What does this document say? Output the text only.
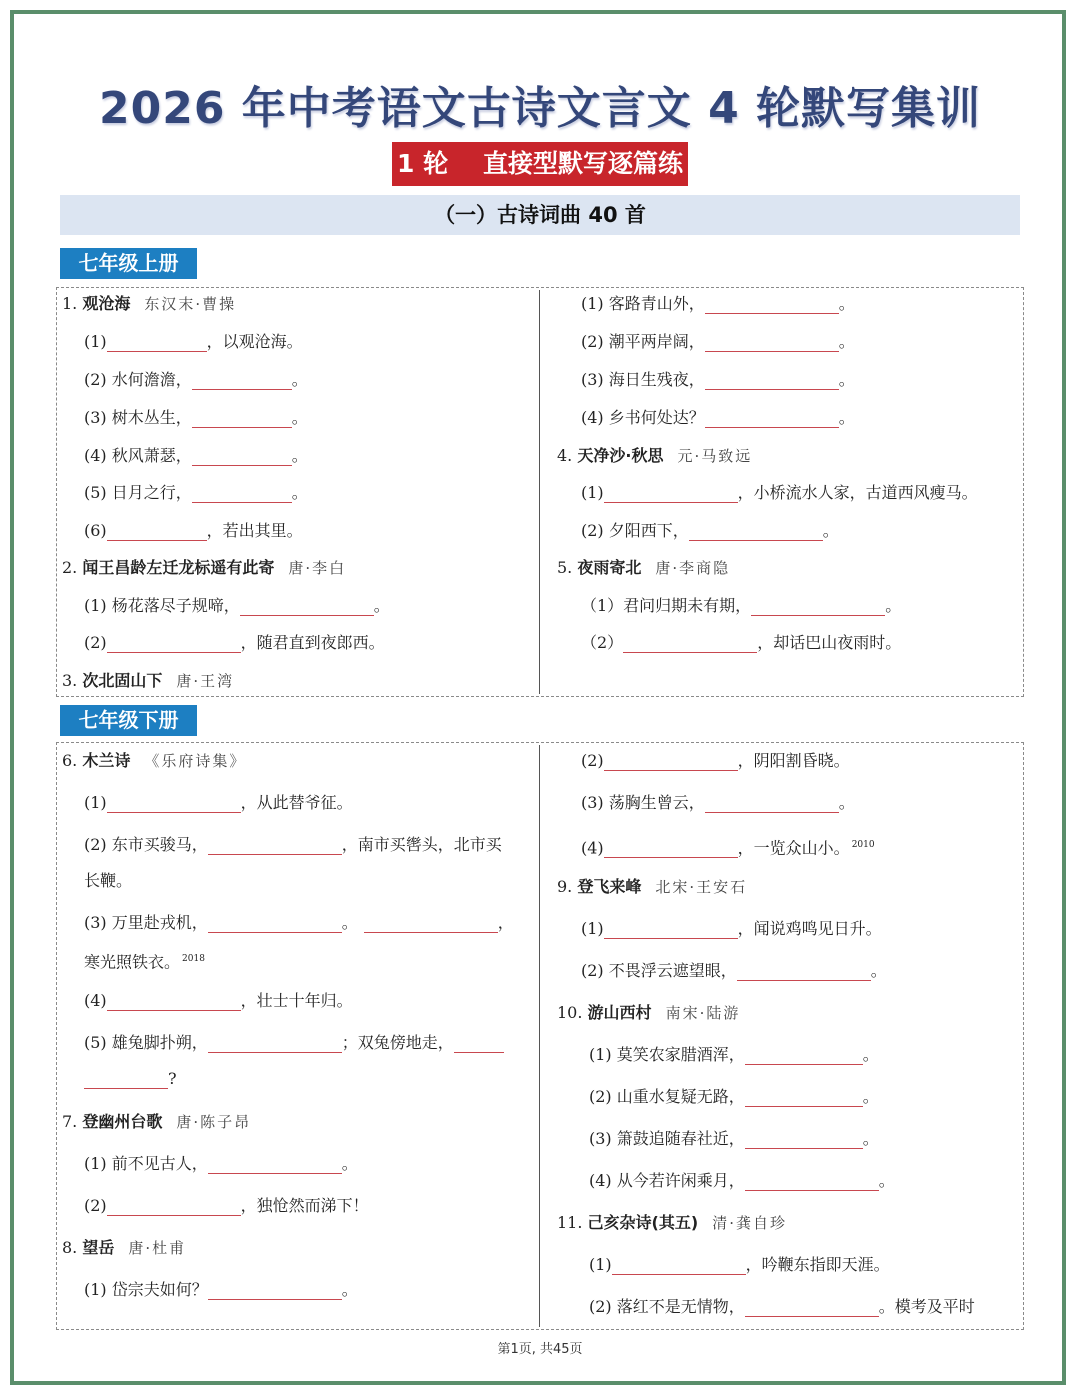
2026 年中考语文古诗文言文 4 轮默写集训
1 轮    直接型默写逐篇练
（一）古诗词曲 40 首
七年级上册
1. 观沧海 东汉末·曹操
(1)	，以观沧海。
(2) 水何澹澹，	。
(3) 树木丛生，	。
(4) 秋风萧瑟，	。
(5) 日月之行，	。
(6)	，若出其里。
2. 闻王昌龄左迁龙标遥有此寄 唐·李白
(1) 杨花落尽子规啼，	。
(2)	，随君直到夜郎西。
3. 次北固山下 唐·王湾
(1) 客路青山外，	。
(2) 潮平两岸阔，	。
(3) 海日生残夜，	。
(4) 乡书何处达？	。
4. 天净沙·秋思 元·马致远
(1)	，小桥流水人家，古道西风瘦马。
(2) 夕阳西下，	。
5. 夜雨寄北 唐·李商隐
（1）君问归期未有期，	。
（2）	，却话巴山夜雨时。
七年级下册
6. 木兰诗 《乐府诗集》
(1)	，从此替爷征。
(2) 东市买骏马，	，南市买辔头，北市买
长鞭。
(3) 万里赴戎机，	。	，
寒光照铁衣。 $^{2018}$
(4)	，壮士十年归。
(5) 雄兔脚扑朔，	；双兔傍地走，
?
7. 登幽州台歌 唐·陈子昂
(1) 前不见古人，	。
(2)	，独怆然而涕下！
8. 望岳 唐·杜甫
(1) 岱宗夫如何？	。
(2)	，阴阳割昏晓。
(3) 荡胸生曾云，	。
(4)	，一览众山小。 $^{2010}$
9. 登飞来峰 北宋·王安石
(1)	，闻说鸡鸣见日升。
(2) 不畏浮云遮望眼，	。
10. 游山西村 南宋·陆游
(1) 莫笑农家腊酒浑，	。
(2) 山重水复疑无路，	。
(3) 箫鼓追随春社近，	。
(4) 从今若许闲乘月，	。
11. 己亥杂诗(其五) 清·龚自珍
(1)	，吟鞭东指即天涯。
(2) 落红不是无情物，	。模考及平时
第1页, 共45页
